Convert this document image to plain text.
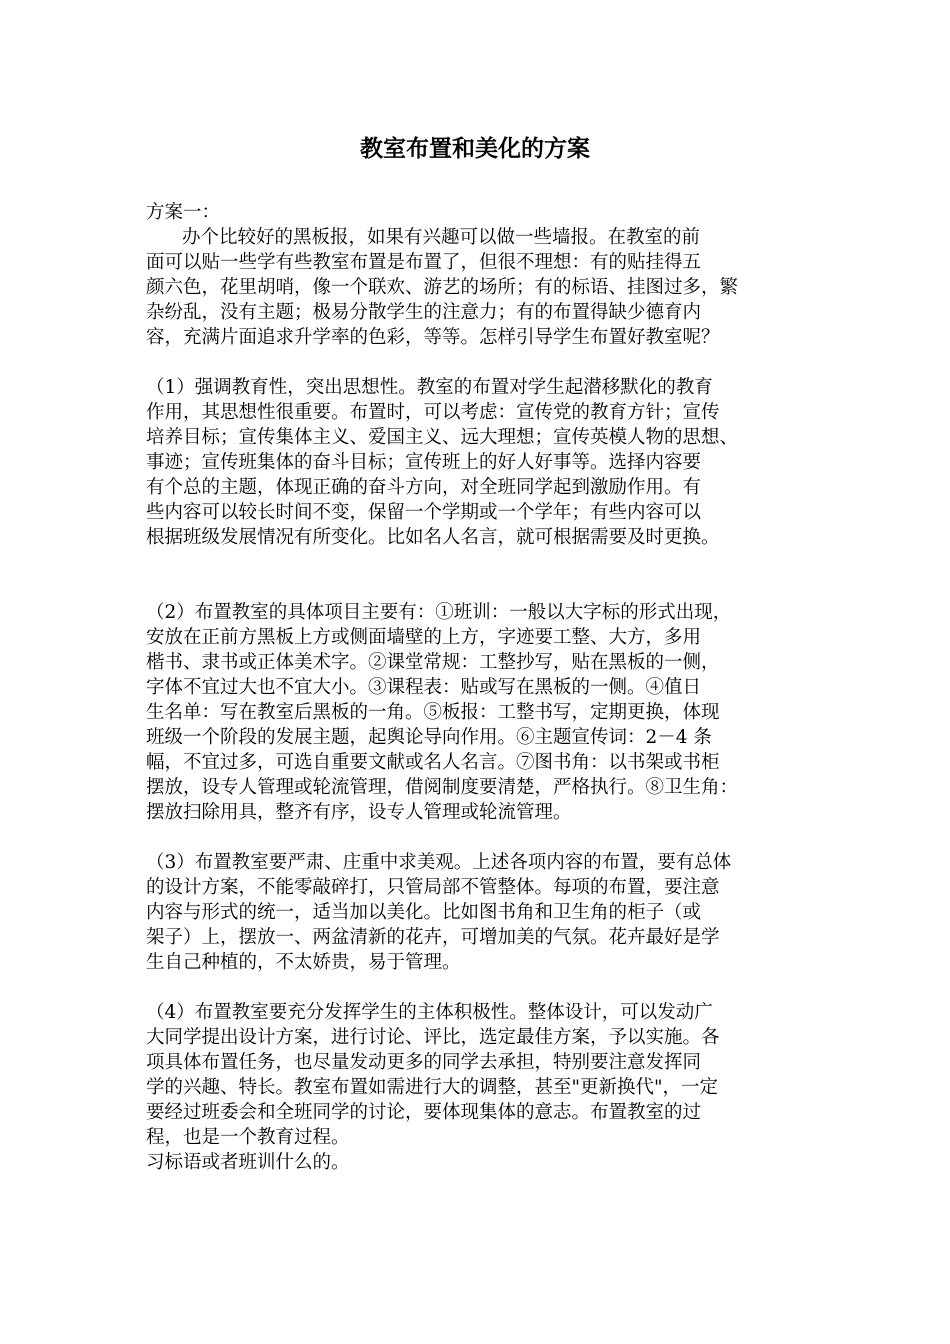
教室布置和美化的方案
方案一：
办个比较好的黑板报，如果有兴趣可以做一些墙报。在教室的前
面可以贴一些学有些教室布置是布置了，但很不理想：有的贴挂得五
颜六色，花里胡哨，像一个联欢、游艺的场所；有的标语、挂图过多，繁
杂纷乱，没有主题；极易分散学生的注意力；有的布置得缺少德育内
容，充满片面追求升学率的色彩，等等。怎样引导学生布置好教室呢？
（1）强调教育性，突出思想性。教室的布置对学生起潜移默化的教育
作用，其思想性很重要。布置时，可以考虑：宣传党的教育方针；宣传
培养目标；宣传集体主义、爱国主义、远大理想；宣传英模人物的思想、
事迹；宣传班集体的奋斗目标；宣传班上的好人好事等。选择内容要
有个总的主题，体现正确的奋斗方向，对全班同学起到激励作用。有
些内容可以较长时间不变，保留一个学期或一个学年；有些内容可以
根据班级发展情况有所变化。比如名人名言，就可根据需要及时更换。
（2）布置教室的具体项目主要有：①班训：一般以大字标的形式出现，
安放在正前方黑板上方或侧面墙壁的上方，字迹要工整、大方，多用
楷书、隶书或正体美术字。②课堂常规：工整抄写，贴在黑板的一侧，
字体不宜过大也不宜大小。③课程表：贴或写在黑板的一侧。④值日
生名单：写在教室后黑板的一角。⑤板报：工整书写，定期更换，体现
班级一个阶段的发展主题，起舆论导向作用。⑥主题宣传词：2－4 条
幅，不宜过多，可选自重要文献或名人名言。⑦图书角：以书架或书柜
摆放，设专人管理或轮流管理，借阅制度要清楚，严格执行。⑧卫生角：
摆放扫除用具，整齐有序，设专人管理或轮流管理。
（3）布置教室要严肃、庄重中求美观。上述各项内容的布置，要有总体
的设计方案，不能零敲碎打，只管局部不管整体。每项的布置，要注意
内容与形式的统一，适当加以美化。比如图书角和卫生角的柜子（或
架子）上，摆放一、两盆清新的花卉，可增加美的气氛。花卉最好是学
生自己种植的，不太娇贵，易于管理。
（4）布置教室要充分发挥学生的主体积极性。整体设计，可以发动广
大同学提出设计方案，进行讨论、评比，选定最佳方案，予以实施。各
项具体布置任务，也尽量发动更多的同学去承担，特别要注意发挥同
学的兴趣、特长。教室布置如需进行大的调整，甚至"更新换代"，一定
要经过班委会和全班同学的讨论，要体现集体的意志。布置教室的过
程，也是一个教育过程。
习标语或者班训什么的。
